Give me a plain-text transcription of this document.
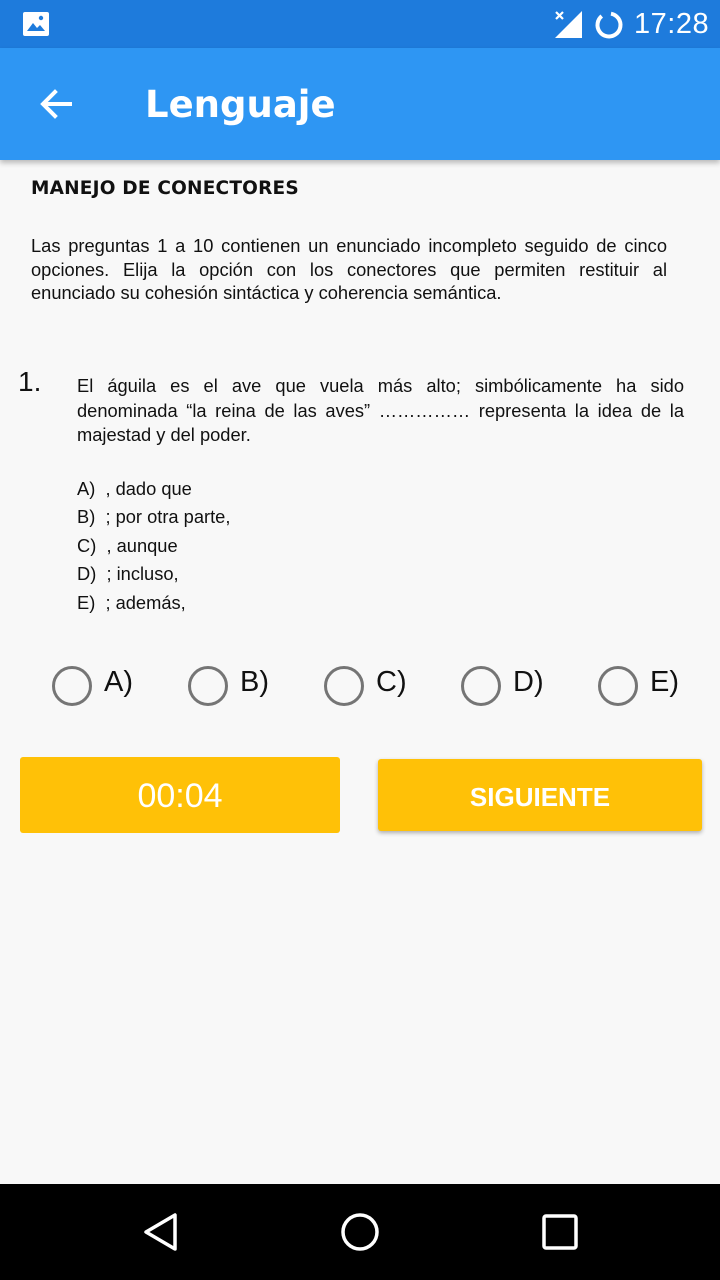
17:28
Lenguaje
MANEJO DE CONECTORES
Las preguntas 1 a 10 contienen un enunciado incompleto seguido de cinco opciones. Elija la opción con los conectores que permiten restituir al enunciado su cohesión sintáctica y coherencia semántica.
1. El águila es el ave que vuela más alto; simbólicamente ha sido denominada “la reina de las aves” …………… representa la idea de la majestad y del poder.
A)  , dado que
B)  ; por otra parte,
C)  , aunque
D)  ; incluso,
E)  ; además,
A)	B)	C)	D)	E)
00:04	SIGUIENTE
